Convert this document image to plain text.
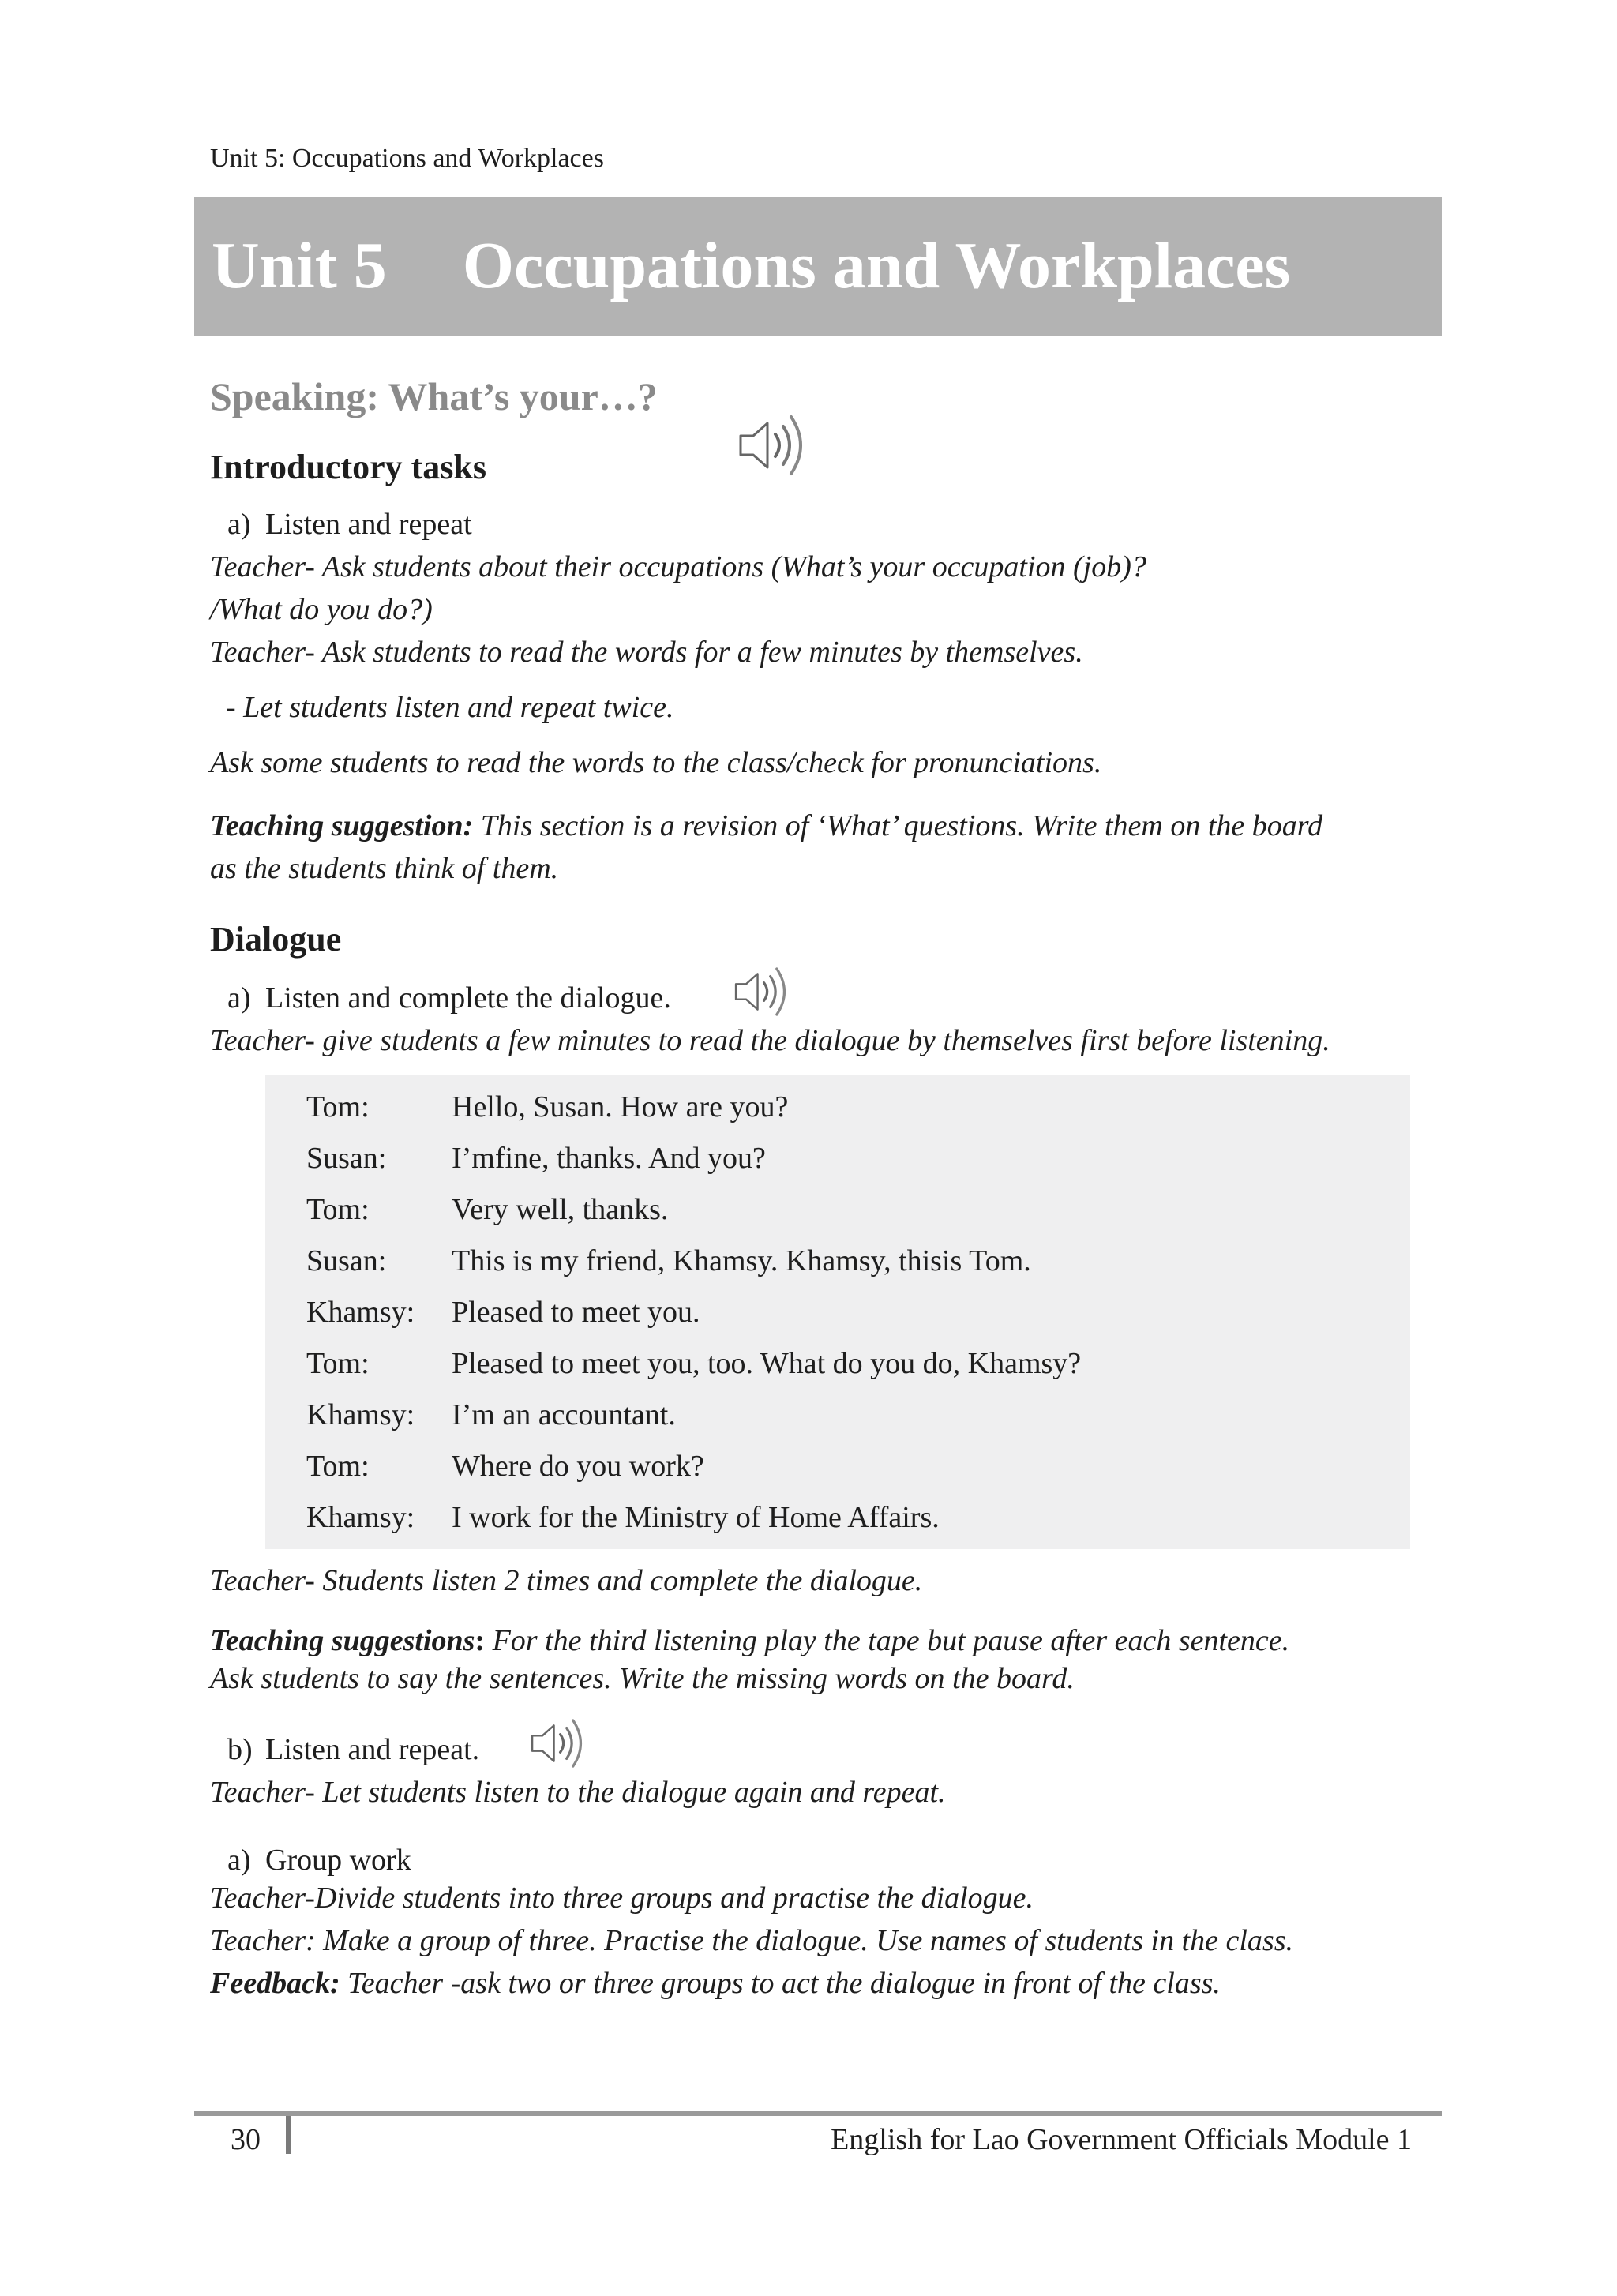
Unit 5: Occupations and Workplaces
Unit 5 Occupations and Workplaces
Speaking: What’s your…?
Introductory tasks
a) Listen and repeat
Teacher- Ask students about their occupations (What’s your occupation (job)?
/What do you do?)
Teacher- Ask students to read the words for a few minutes by themselves.
- Let students listen and repeat twice.
Ask some students to read the words to the class/check for pronunciations.
Teaching suggestion: This section is a revision of ‘What’ questions. Write them on the board
as the students think of them.
Dialogue
a) Listen and complete the dialogue.
Teacher- give students a few minutes to read the dialogue by themselves first before listening.
Tom:	Hello, Susan. How are you?
Susan:	I’mfine, thanks. And you?
Tom:	Very well, thanks.
Susan:	This is my friend, Khamsy. Khamsy, thisis Tom.
Khamsy:	Pleased to meet you.
Tom:	Pleased to meet you, too. What do you do, Khamsy?
Khamsy:	I’m an accountant.
Tom:	Where do you work?
Khamsy:	I work for the Ministry of Home Affairs.
Teacher- Students listen 2 times and complete the dialogue.
Teaching suggestions: For the third listening play the tape but pause after each sentence.
Ask students to say the sentences. Write the missing words on the board.
b) Listen and repeat.
Teacher- Let students listen to the dialogue again and repeat.
a) Group work
Teacher-Divide students into three groups and practise the dialogue.
Teacher: Make a group of three. Practise the dialogue. Use names of students in the class.
Feedback: Teacher -ask two or three groups to act the dialogue in front of the class.
30	English for Lao Government Officials Module 1
